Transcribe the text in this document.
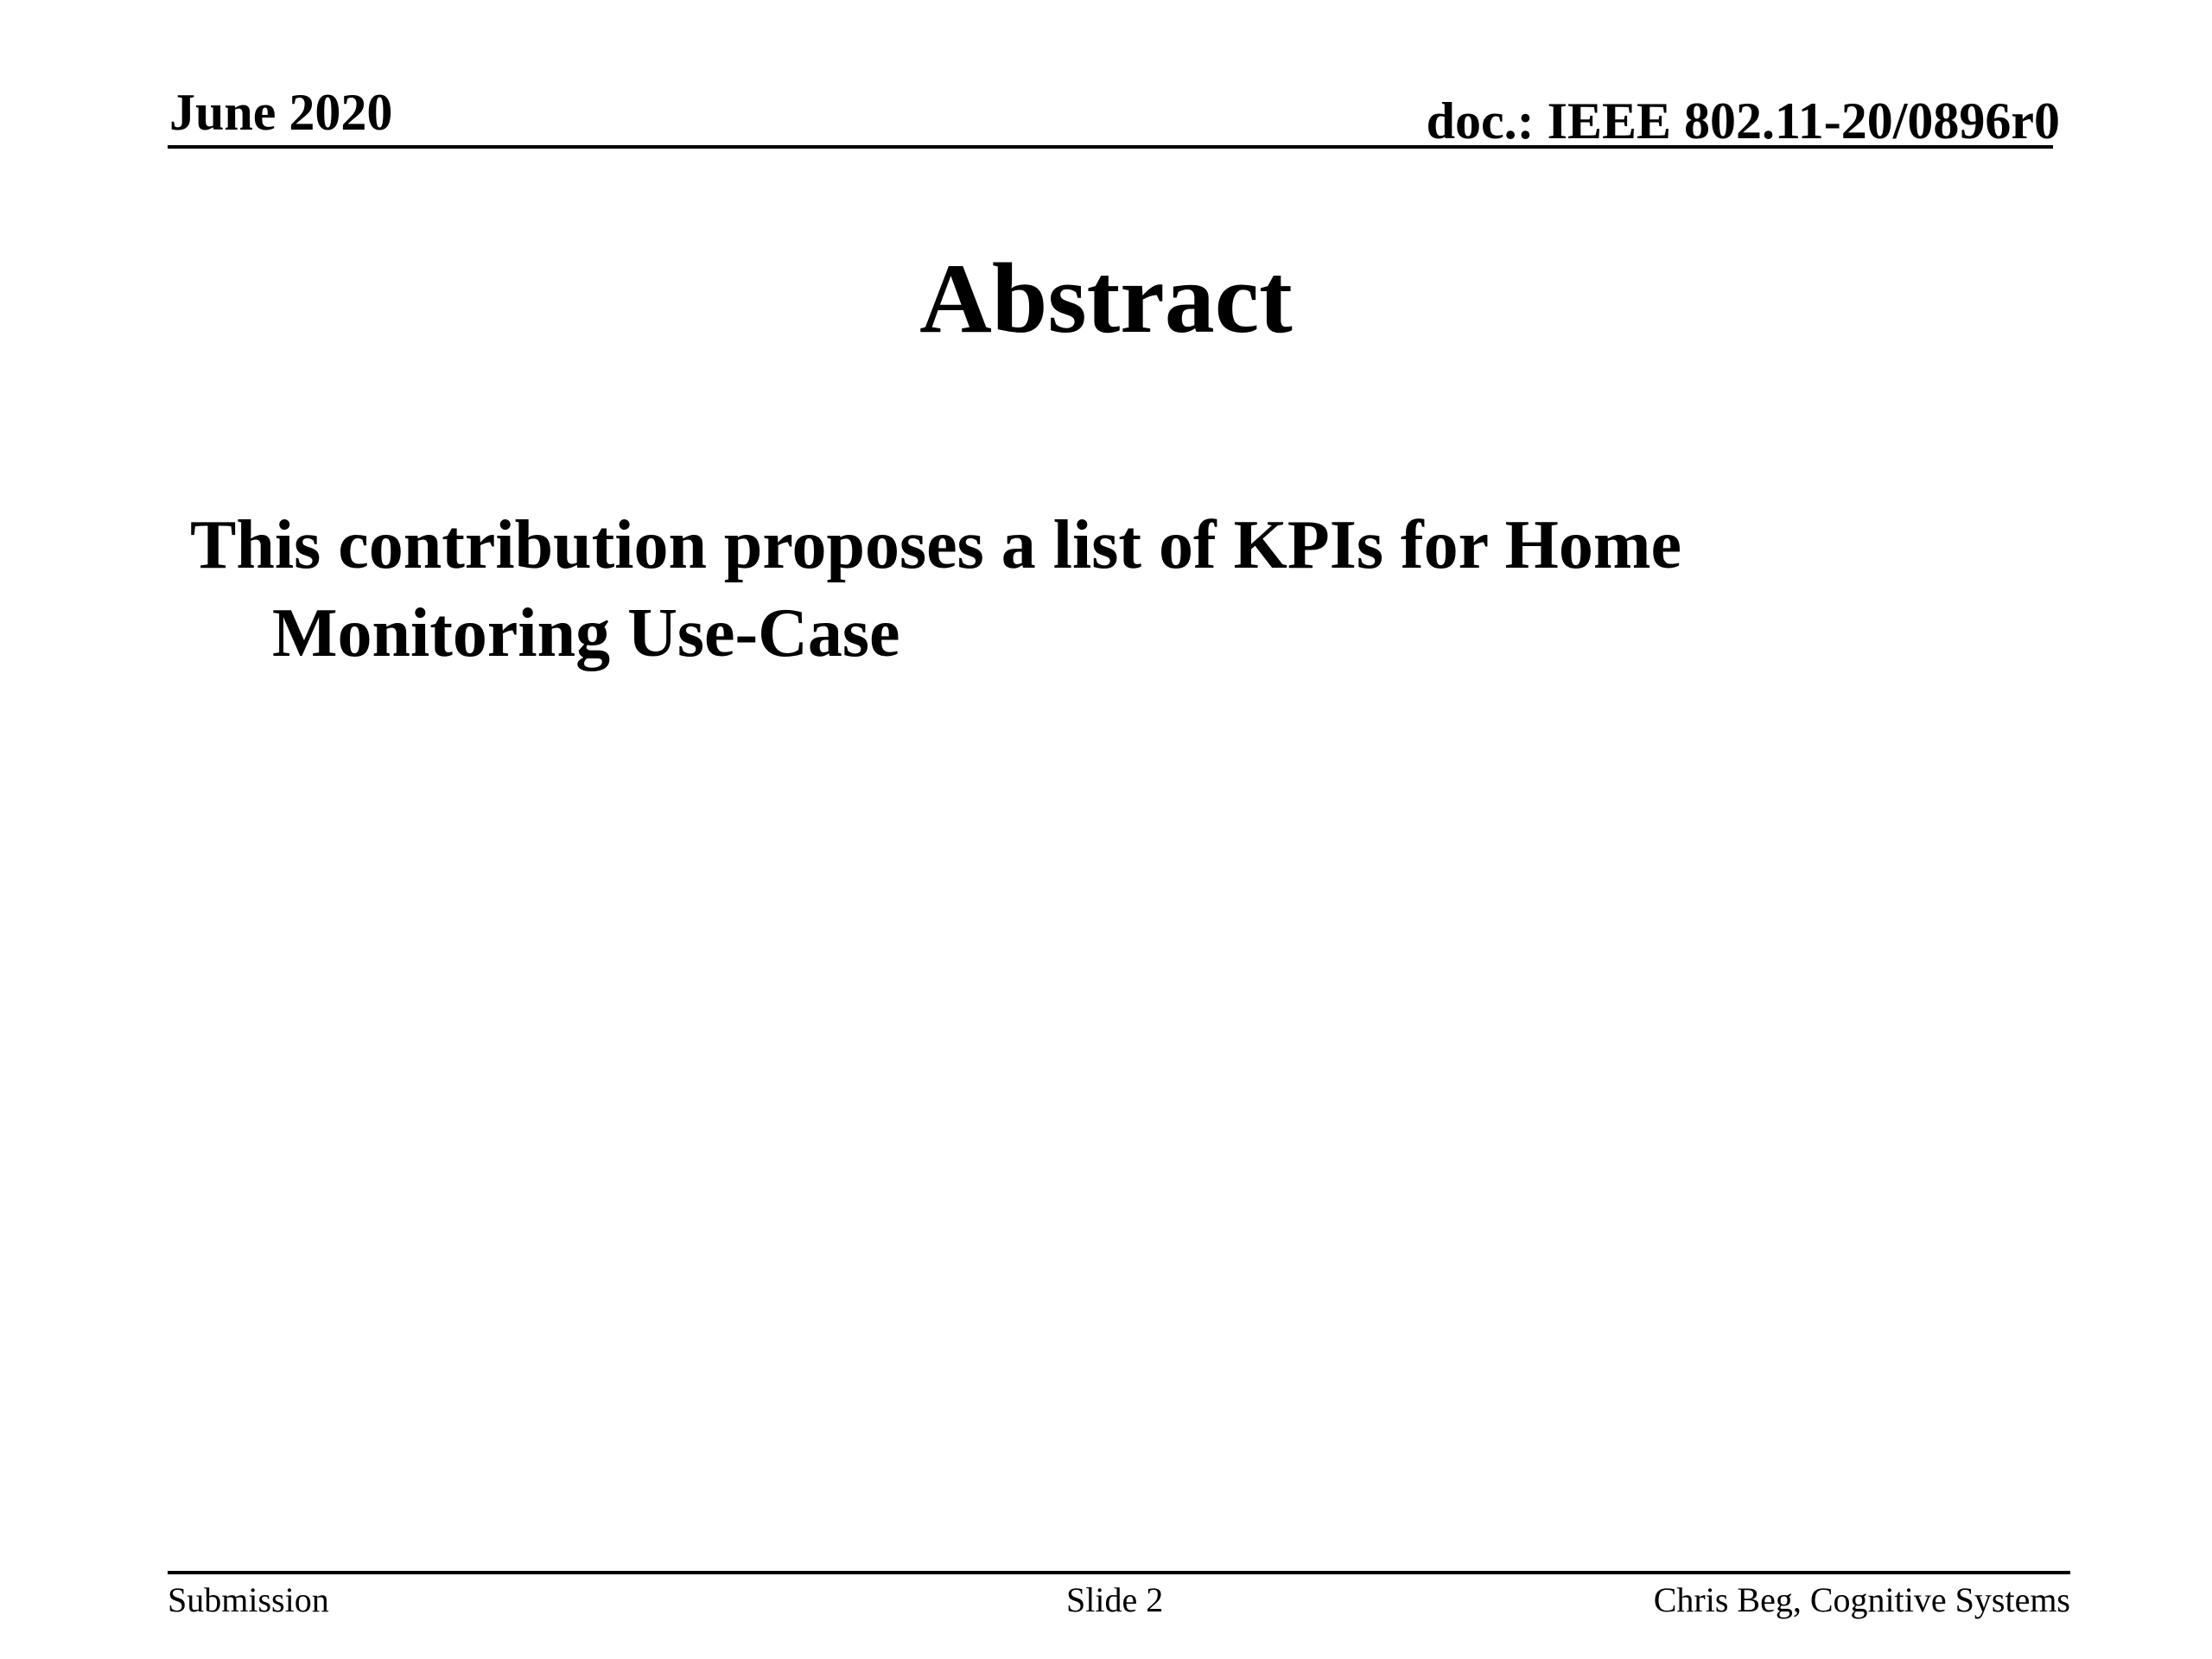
June 2020	doc.: IEEE 802.11-20/0896r0
Abstract
This contribution proposes a list of KPIs for Home Monitoring Use-Case
Submission	Slide 2	Chris Beg, Cognitive Systems
